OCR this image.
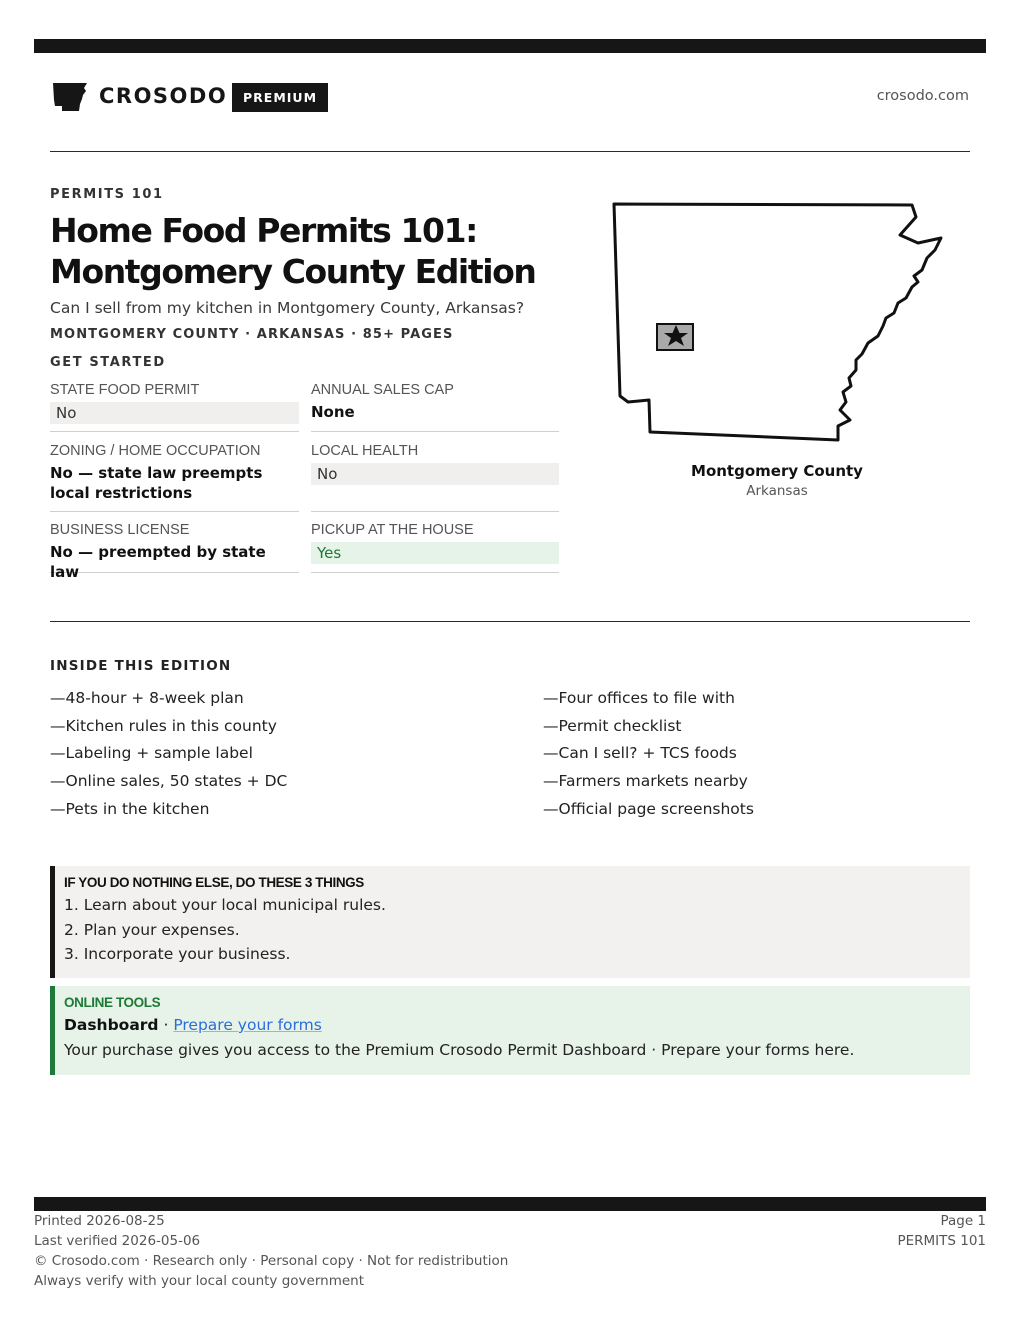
CROSODO	PREMIUM	crosodo.com
PERMITS 101
Home Food Permits 101:
Montgomery County Edition
Can I sell from my kitchen in Montgomery County, Arkansas?
MONTGOMERY COUNTY · ARKANSAS · 85+ PAGES
GET STARTED
STATE FOOD PERMIT
No
ANNUAL SALES CAP
None
ZONING / HOME OCCUPATION
No — state law preempts local restrictions
LOCAL HEALTH
No
BUSINESS LICENSE
No — preempted by state law
PICKUP AT THE HOUSE
Yes
Montgomery County
Arkansas
INSIDE THIS EDITION
—48-hour + 8-week plan
—Kitchen rules in this county
—Labeling + sample label
—Online sales, 50 states + DC
—Pets in the kitchen
—Four offices to file with
—Permit checklist
—Can I sell? + TCS foods
—Farmers markets nearby
—Official page screenshots
IF YOU DO NOTHING ELSE, DO THESE 3 THINGS
1. Learn about your local municipal rules.
2. Plan your expenses.
3. Incorporate your business.
ONLINE TOOLS
Dashboard · Prepare your forms
Your purchase gives you access to the Premium Crosodo Permit Dashboard · Prepare your forms here.
Printed 2026-08-25
Last verified 2026-05-06
© Crosodo.com · Research only · Personal copy · Not for redistribution
Always verify with your local county government
Page 1
PERMITS 101
